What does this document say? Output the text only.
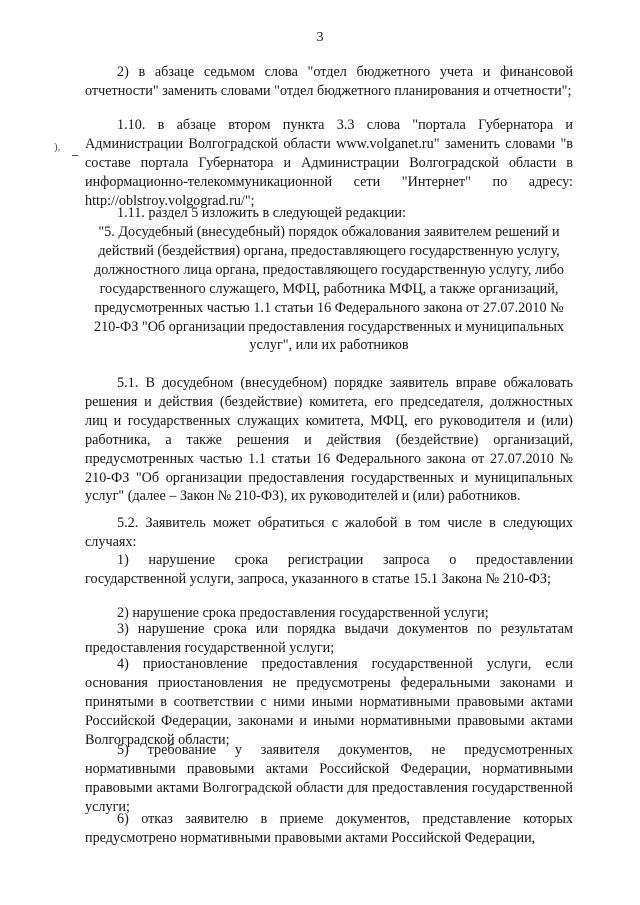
3
),
2) в абзаце седьмом слова "отдел бюджетного учета и финансовой отчетности" заменить словами "отдел бюджетного планирования и отчетности";
1.10. в абзаце втором пункта 3.3 слова "портала Губернатора и Администрации Волгоградской области www.volganet.ru" заменить словами "в составе портала Губернатора и Администрации Волгоградской области в информационно-телекоммуникационной сети "Интернет" по адресу: http://oblstroy.volgograd.ru/";
1.11. раздел 5 изложить в следующей редакции:
"5. Досудебный (внесудебный) порядок обжалования заявителем решений и действий (бездействия) органа, предоставляющего государственную услугу, должностного лица органа, предоставляющего государственную услугу, либо государственного служащего, МФЦ, работника МФЦ, а также организаций, предусмотренных частью 1.1 статьи 16 Федерального закона от 27.07.2010 № 210-ФЗ "Об организации предоставления государственных и муниципальных услуг", или их работников
5.1. В досудебном (внесудебном) порядке заявитель вправе обжаловать решения и действия (бездействие) комитета, его председателя, должностных лиц и государственных служащих комитета, МФЦ, его руководителя и (или) работника, а также решения и действия (бездействие) организаций, предусмотренных частью 1.1 статьи 16 Федерального закона от 27.07.2010 № 210-ФЗ "Об организации предоставления государственных и муниципальных услуг" (далее – Закон № 210-ФЗ), их руководителей и (или) работников.
5.2. Заявитель может обратиться с жалобой в том числе в следующих случаях:
1) нарушение срока регистрации запроса о предоставлении государственной услуги, запроса, указанного в статье 15.1 Закона № 210-ФЗ;
2) нарушение срока предоставления государственной услуги;
3) нарушение срока или порядка выдачи документов по результатам предоставления государственной услуги;
4) приостановление предоставления государственной услуги, если основания приостановления не предусмотрены федеральными законами и принятыми в соответствии с ними иными нормативными правовыми актами Российской Федерации, законами и иными нормативными правовыми актами Волгоградской области;
5) требование у заявителя документов, не предусмотренных нормативными правовыми актами Российской Федерации, нормативными правовыми актами Волгоградской области для предоставления государственной услуги;
6) отказ заявителю в приеме документов, представление которых предусмотрено нормативными правовыми актами Российской Федерации,
